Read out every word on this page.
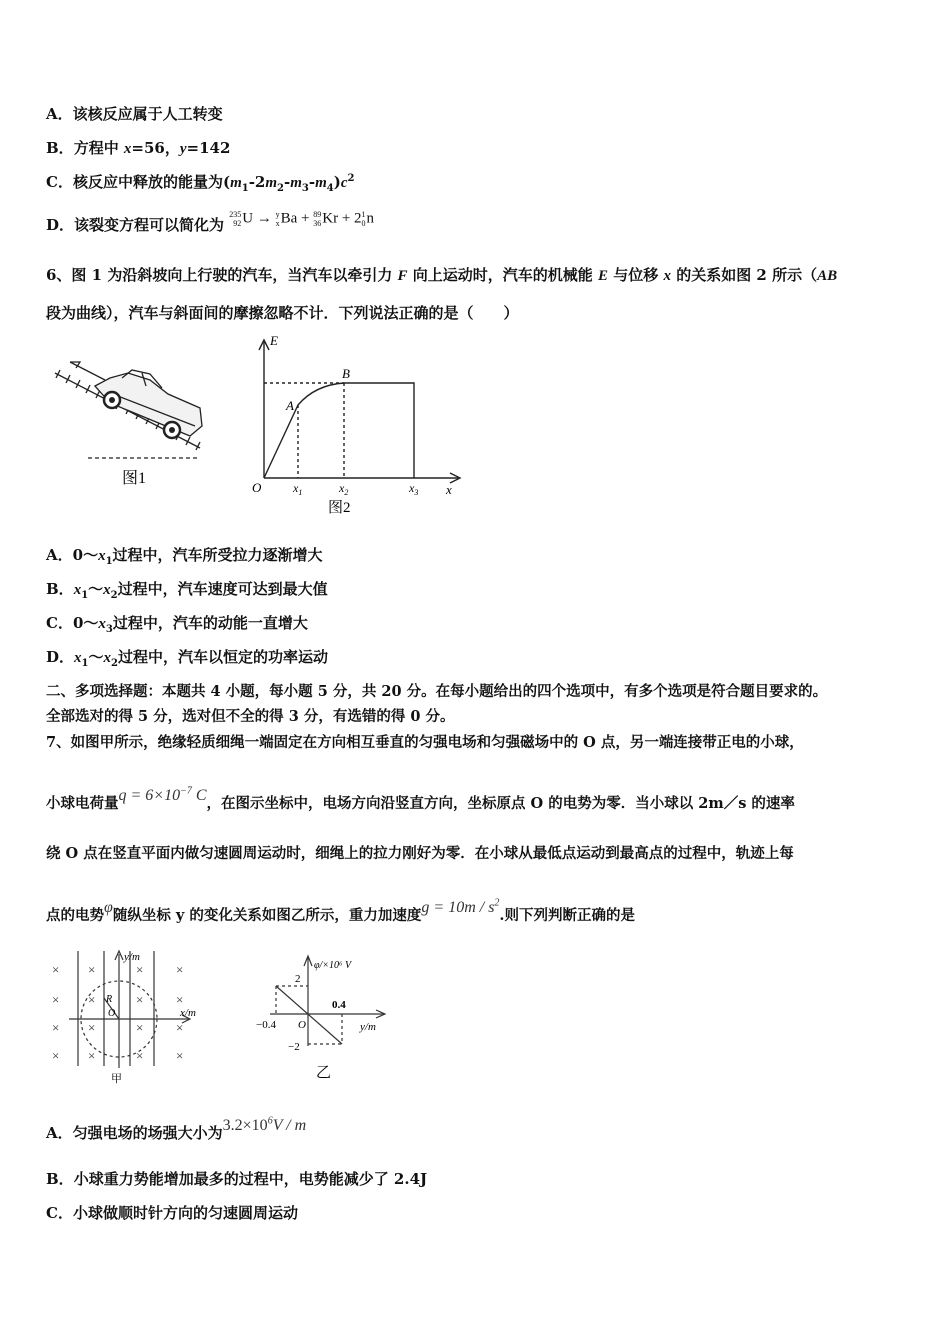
A．该核反应属于人工转变
B．方程中 x=56，y=142
C．核反应中释放的能量为$(m_1-2m_2-m_3-m_4)c^2$
D．该裂变方程可以简化为
235
92 U → y
x Ba + 89
36 Kr + 2 1
0 n
6、图 1 为沿斜坡向上行驶的汽车，当汽车以牵引力 F 向上运动时，汽车的机械能 E 与位移 x 的关系如图 2 所示（AB
段为曲线），汽车与斜面间的摩擦忽略不计．下列说法正确的是（　　）
图1
E
x
O
A
B
$x_1$	$x_2$	$x_3$
图2
A．$0\sim x_1$过程中，汽车所受拉力逐渐增大
B．$x_1\sim x_2$过程中，汽车速度可达到最大值
C．$0\sim x_3$过程中，汽车的动能一直增大
D．$x_1\sim x_2$过程中，汽车以恒定的功率运动
二、多项选择题：本题共 4 小题，每小题 5 分，共 20 分。在每小题给出的四个选项中，有多个选项是符合题目要求的。
全部选对的得 5 分，选对但不全的得 3 分，有选错的得 0 分。
7、如图甲所示，绝缘轻质细绳一端固定在方向相互垂直的匀强电场和匀强磁场中的 O 点，另一端连接带正电的小球，
小球电荷量$q = 6\times 10^{-7}$ C，在图示坐标中，电场方向沿竖直方向，坐标原点 O 的电势为零．当小球以 2m／s 的速率
绕 O 点在竖直平面内做匀速圆周运动时，细绳上的拉力刚好为零．在小球从最低点运动到最高点的过程中，轨迹上每
点的电势φ随纵坐标 y 的变化关系如图乙所示，重力加速度$g = 10m / s^2$.则下列判断正确的是
× ×	×	×
× ×	×	×
× ×	×	×
× ×	×	×
y/m
x/m
R
O
甲
φ/×10⁶ V
y/m
O
2
−2
−0.4
0.4
乙
A．匀强电场的场强大小为$3.2\times 10^6V / m$
B．小球重力势能增加最多的过程中，电势能减少了 2.4J
C．小球做顺时针方向的匀速圆周运动
